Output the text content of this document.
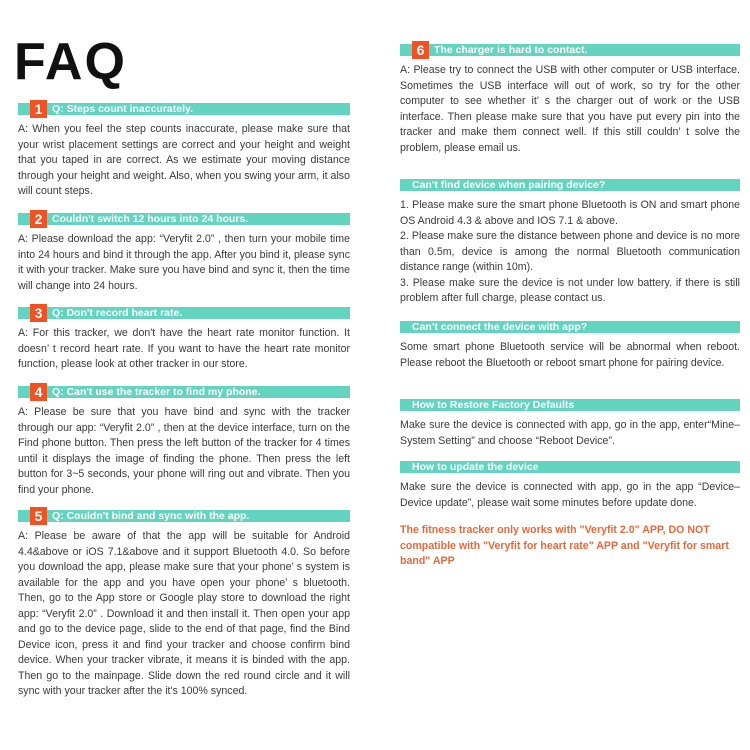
FAQ
1 Q: Steps count inaccurately.

A: When you feel the step counts inaccurate, please make sure that your wrist placement settings are correct and your height and weight that you taped in are correct. As we estimate your moving distance through your height and weight. Also, when you swing your arm, it also will count steps.

2 Couldn't switch 12 hours into 24 hours.

A: Please download the app: “Veryfit 2.0” , then turn your mobile time into 24 hours and bind it through the app. After you bind it, please sync it with your tracker. Make sure you have bind and sync it, then the time will change into 24 hours.

3 Q: Don't record heart rate.

A: For this tracker, we don't have the heart rate monitor function. It doesn’ t record heart rate. If you want to have the heart rate monitor function, please look at other tracker in our store.

4 Q: Can't use the tracker to find my phone.

A: Please be sure that you have bind and sync with the tracker through our app: “Veryfit 2.0” , then at the device interface, turn on the Find phone button. Then press the left button of the tracker for 4 times until it displays the image of finding the phone. Then press the left button for 3~5 seconds, your phone will ring out and vibrate. Then you find your phone.

5 Q: Couldn't bind and sync with the app.

A: Please be aware of that the app will be suitable for Android 4.4&above or iOS 7.1&above and it support Bluetooth 4.0. So before you download the app, please make sure that your phone’ s system is available for the app and you have open your phone’ s bluetooth. Then, go to the App store or Google play store to download the right app: “Veryfit 2.0” . Download it and then install it. Then open your app and go to the device page, slide to the end of that page, find the Bind Device icon, press it and find your tracker and choose confirm bind device. When your tracker vibrate, it means it is binded with the app. Then go to the mainpage. Slide down the red round circle and it will sync with your tracker after the it's 100% synced.

6 The charger is hard to contact.

A: Please try to connect the USB with other computer or USB interface. Sometimes the USB interface will out of work, so try for the other computer to see whether it’ s the charger out of work or the USB interface. Then please make sure that you have put every pin into the tracker and make them connect well. If this still couldn’ t solve the problem, please email us.

Can't find device when pairing device?

1. Please make sure the smart phone Bluetooth is ON and smart phone OS Android 4.3 & above and IOS 7.1 & above.

2. Please make sure the distance between phone and device is no more than 0.5m, device is among the normal Bluetooth communication distance range (within 10m).

3. Please make sure the device is not under low battery. if there is still problem after full charge, please contact us.

Can't connect the device with app?

Some smart phone Bluetooth service will be abnormal when reboot. Please reboot the Bluetooth or reboot smart phone for pairing device.

How to Restore Factory Defaults

Make sure the device is connected with app, go in the app, enter“Mine–System Setting” and choose “Reboot Device”.

How to update the device

Make sure the device is connected with app, go in the app “Device–Device update”, please wait some minutes before update done.

The fitness tracker only works with "Veryfit 2.0" APP, DO NOT compatible with "Veryfit for heart rate" APP and "Veryfit for smart band" APP
